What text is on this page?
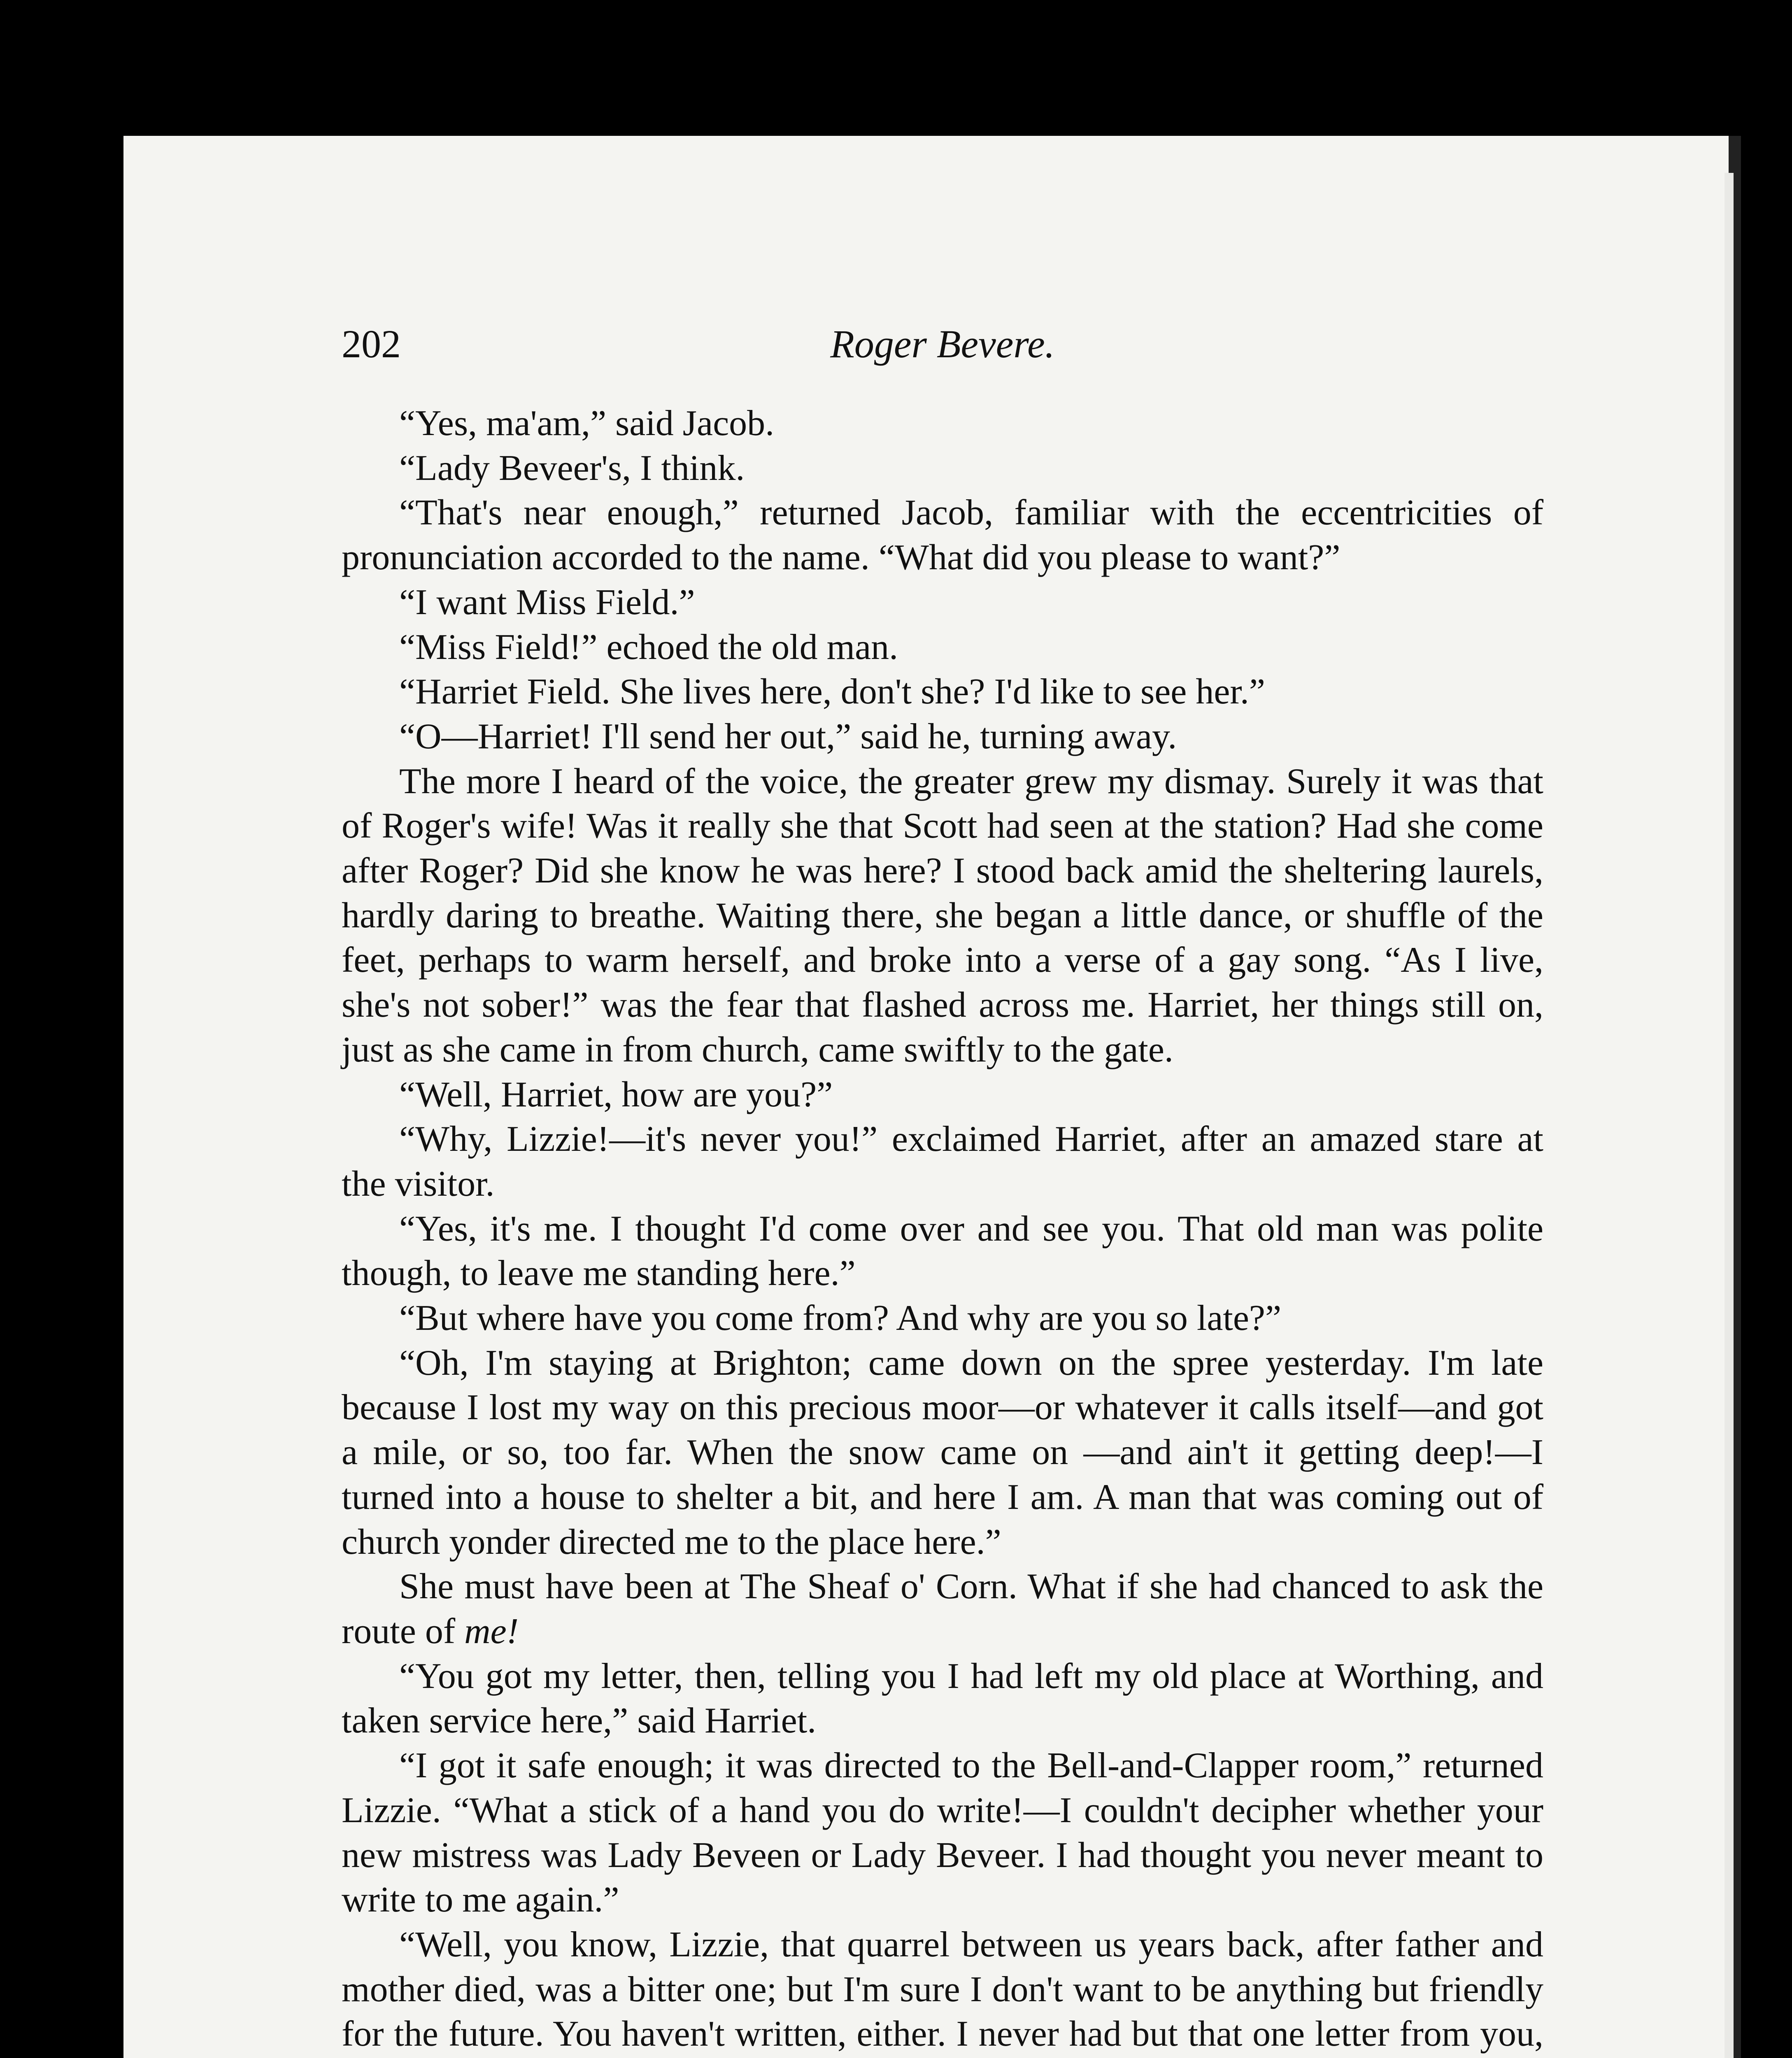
202	Roger Bevere.

“Yes, ma'am,” said Jacob.

“Lady Beveer's, I think.

“That's near enough,” returned Jacob, familiar with the eccentricities of pronunciation accorded to the name. “What did you please to want?”

“I want Miss Field.”

“Miss Field!” echoed the old man.

“Harriet Field. She lives here, don't she? I'd like to see her.”

“O—Harriet! I'll send her out,” said he, turning away.

The more I heard of the voice, the greater grew my dismay. Surely it was that of Roger's wife! Was it really she that Scott had seen at the station? Had she come after Roger? Did she know he was here? I stood back amid the sheltering laurels, hardly daring to breathe. Waiting there, she began a little dance, or shuffle of the feet, perhaps to warm herself, and broke into a verse of a gay song. “As I live, she's not sober!” was the fear that flashed across me. Harriet, her things still on, just as she came in from church, came swiftly to the gate.

“Well, Harriet, how are you?”

“Why, Lizzie!—it's never you!” exclaimed Harriet, after an amazed stare at the visitor.

“Yes, it's me. I thought I'd come over and see you. That old man was polite though, to leave me standing here.”

“But where have you come from? And why are you so late?”

“Oh, I'm staying at Brighton; came down on the spree yesterday. I'm late because I lost my way on this precious moor—or whatever it calls itself—and got a mile, or so, too far. When the snow came on —and ain't it getting deep!—I turned into a house to shelter a bit, and here I am. A man that was coming out of church yonder directed me to the place here.”

She must have been at The Sheaf o' Corn. What if she had chanced to ask the route of me!

“You got my letter, then, telling you I had left my old place at Worthing, and taken service here,” said Harriet.

“I got it safe enough; it was directed to the Bell-and-Clapper room,” returned Lizzie. “What a stick of a hand you do write!—I couldn't decipher whether your new mistress was Lady Beveen or Lady Beveer. I had thought you never meant to write to me again.”

“Well, you know, Lizzie, that quarrel between us years back, after father and mother died, was a bitter one; but I'm sure I don't want to be anything but friendly for the future. You haven't written, either. I never had but that one letter from you,
